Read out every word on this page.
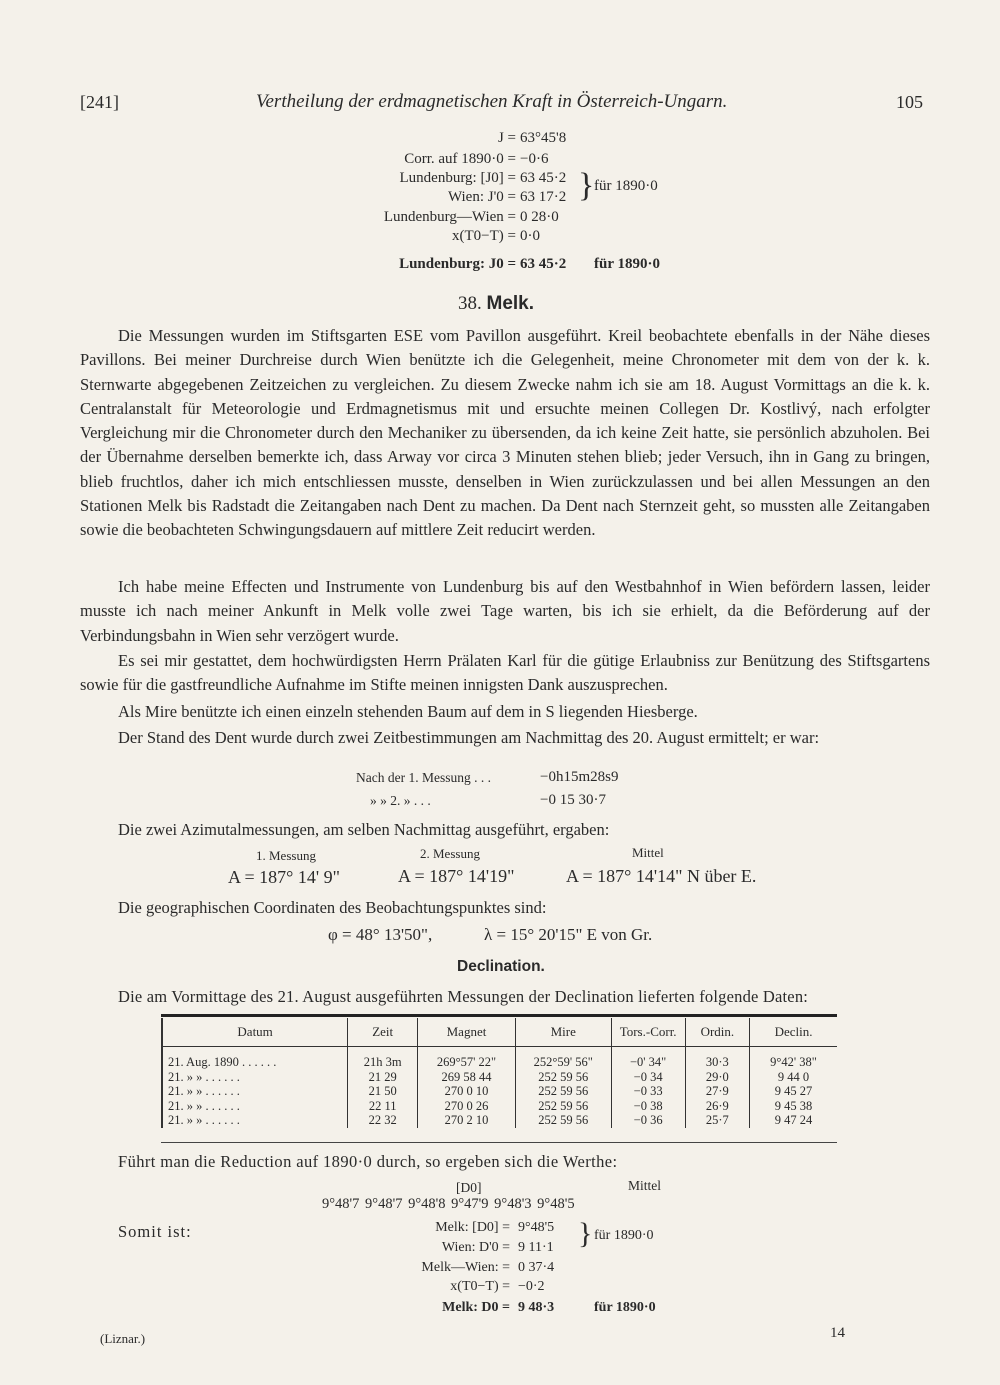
[241]	Vertheilung der erdmagnetischen Kraft in Österreich-Ungarn.	105
J = 63°45'8
Corr. auf 1890·0 = −0·6
Lundenburg: [J0] = 63 45·2
Wien: J'0 = 63 17·2
Lundenburg—Wien = 0 28·0
x(T0−T) = 0·0
} für 1890·0
Lundenburg: J0 = 63 45·2 für 1890·0
38. Melk.
Die Messungen wurden im Stiftsgarten ESE vom Pavillon ausgeführt. Kreil beobachtete ebenfalls in der Nähe dieses Pavillons. Bei meiner Durchreise durch Wien benützte ich die Gelegenheit, meine Chronometer mit dem von der k. k. Sternwarte abgegebenen Zeitzeichen zu vergleichen. Zu diesem Zwecke nahm ich sie am 18. August Vormittags an die k. k. Centralanstalt für Meteorologie und Erdmagnetismus mit und ersuchte meinen Collegen Dr. Kostlivý, nach erfolgter Vergleichung mir die Chronometer durch den Mechaniker zu übersenden, da ich keine Zeit hatte, sie persönlich abzuholen. Bei der Übernahme derselben bemerkte ich, dass Arway vor circa 3 Minuten stehen blieb; jeder Versuch, ihn in Gang zu bringen, blieb fruchtlos, daher ich mich entschliessen musste, denselben in Wien zurückzulassen und bei allen Messungen an den Stationen Melk bis Radstadt die Zeitangaben nach Dent zu machen. Da Dent nach Sternzeit geht, so mussten alle Zeitangaben sowie die beobachteten Schwingungsdauern auf mittlere Zeit reducirt werden.
Ich habe meine Effecten und Instrumente von Lundenburg bis auf den Westbahnhof in Wien befördern lassen, leider musste ich nach meiner Ankunft in Melk volle zwei Tage warten, bis ich sie erhielt, da die Beförderung auf der Verbindungsbahn in Wien sehr verzögert wurde.
Es sei mir gestattet, dem hochwürdigsten Herrn Prälaten Karl für die gütige Erlaubniss zur Benützung des Stiftsgartens sowie für die gastfreundliche Aufnahme im Stifte meinen innigsten Dank auszusprechen.
Als Mire benützte ich einen einzeln stehenden Baum auf dem in S liegenden Hiesberge.
Der Stand des Dent wurde durch zwei Zeitbestimmungen am Nachmittag des 20. August ermittelt; er war:
Nach der 1. Messung . . .	−0h15m28s9
» » 2. » . . .	−0 15 30·7
Die zwei Azimutalmessungen, am selben Nachmittag ausgeführt, ergaben:
1. Messung	2. Messung	Mittel
A = 187° 14' 9"	A = 187° 14'19"	A = 187° 14'14" N über E.
Die geographischen Coordinaten des Beobachtungspunktes sind:
φ = 48° 13'50",	λ = 15° 20'15" E von Gr.
Declination.
Die am Vormittage des 21. August ausgeführten Messungen der Declination lieferten folgende Daten:
Datum	Zeit	Magnet	Mire	Tors.-Corr.	Ordin.	Declin.

21. Aug. 1890 . . . . . .	21h 3m	269°57' 22"	252°59' 56"	−0' 34"	30·3	9°42' 38"
21. » » . . . . . .	21 29	269 58 44	252 59 56	−0 34	29·0	9 44 0
21. » » . . . . . .	21 50	270 0 10	252 59 56	−0 33	27·9	9 45 27
21. » » . . . . . .	22 11	270 0 26	252 59 56	−0 38	26·9	9 45 38
21. » » . . . . . .	22 32	270 2 10	252 59 56	−0 36	25·7	9 47 24
Führt man die Reduction auf 1890·0 durch, so ergeben sich die Werthe:
[D0]	Mittel
9°48'7 9°48'7 9°48'8 9°47'9 9°48'3 9°48'5
Somit ist:	Melk: [D0] = 9°48'5
Wien: D'0 = 9 11·1
Melk—Wien: = 0 37·4
x(T0−T) = −0·2
} für 1890·0
Melk: D0 = 9 48·3	für 1890·0
(Liznar.)	14
